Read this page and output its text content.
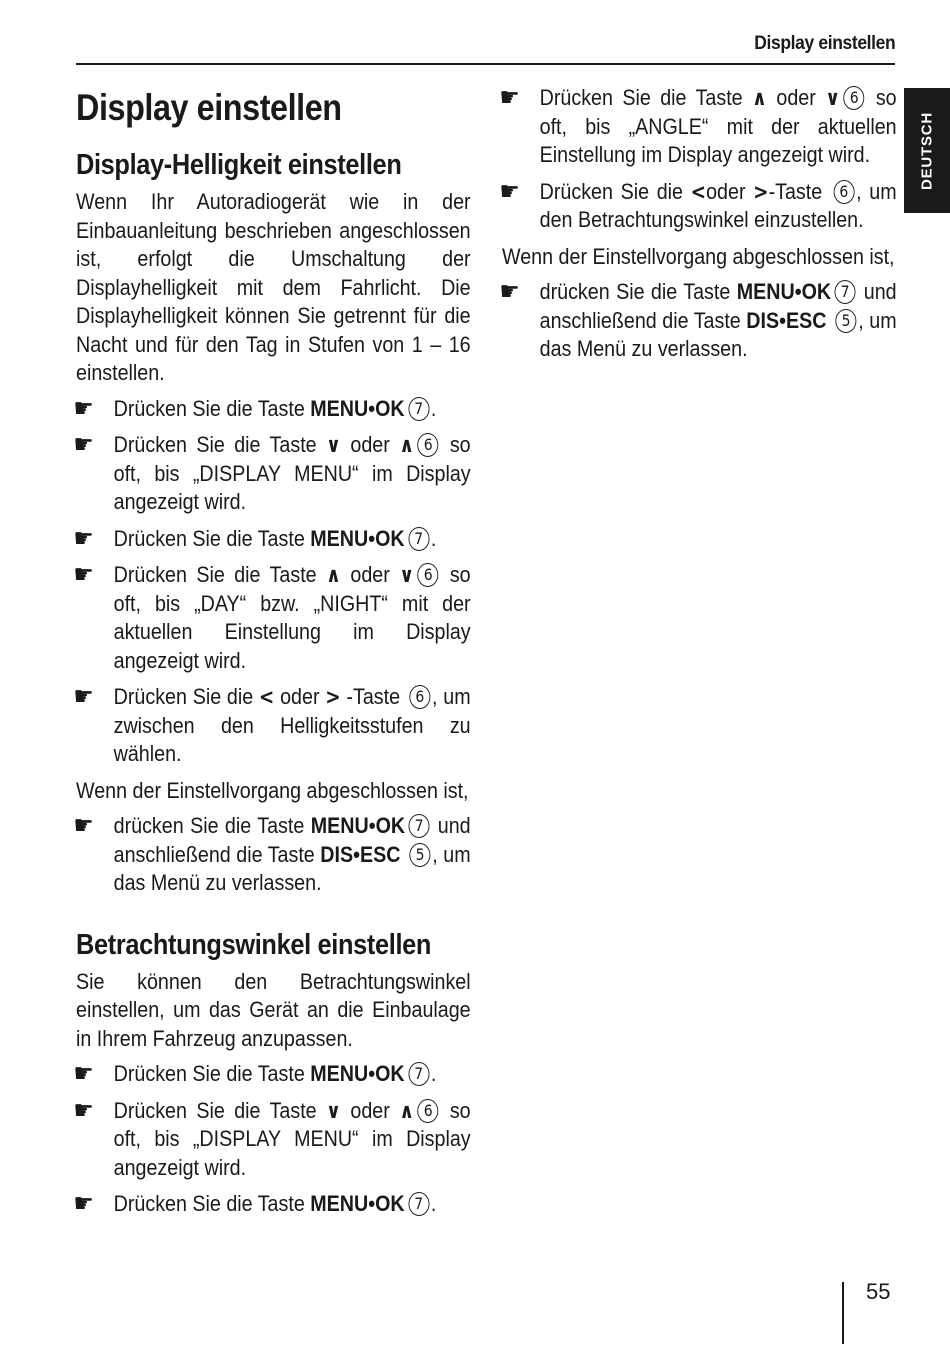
Display einstellen
DEUTSCH
Display einstellen
Display-Helligkeit einstellen

Wenn Ihr Autoradiogerät wie in der Einbauanleitung beschrieben angeschlossen ist, erfolgt die Umschaltung der Displayhelligkeit mit dem Fahrlicht. Die Displayhelligkeit können Sie getrennt für die Nacht und für den Tag in Stufen von 1 – 16 einstellen.

☛ Drücken Sie die Taste MENU•OK 7 .
☛ Drücken Sie die Taste ∨ oder ∧ 6 so oft, bis „DISPLAY MENU“ im Display angezeigt wird.
☛ Drücken Sie die Taste MENU•OK 7 .
☛ Drücken Sie die Taste ∧ oder ∨ 6 so oft, bis „DAY“ bzw. „NIGHT“ mit der aktuellen Einstellung im Display angezeigt wird.
☛ Drücken Sie die < oder > -Taste 6 , um zwischen den Helligkeitsstufen zu wählen.

Wenn der Einstellvorgang abgeschlossen ist,

☛ drücken Sie die Taste MENU•OK 7 und anschließend die Taste DIS•ESC 5 , um das Menü zu verlassen.
Betrachtungswinkel einstellen

Sie können den Betrachtungswinkel einstellen, um das Gerät an die Einbaulage in Ihrem Fahrzeug anzupassen.

☛ Drücken Sie die Taste MENU•OK 7 .
☛ Drücken Sie die Taste ∨ oder ∧ 6 so oft, bis „DISPLAY MENU“ im Display angezeigt wird.
☛ Drücken Sie die Taste MENU•OK 7 .
☛ Drücken Sie die Taste ∧ oder ∨ 6 so oft, bis „ANGLE“ mit der aktuellen Einstellung im Display angezeigt wird.
☛ Drücken Sie die <oder >-Taste 6 , um den Betrachtungswinkel einzustellen.

Wenn der Einstellvorgang abgeschlossen ist,

☛ drücken Sie die Taste MENU•OK 7 und anschließend die Taste DIS•ESC 5 , um das Menü zu verlassen.
55
